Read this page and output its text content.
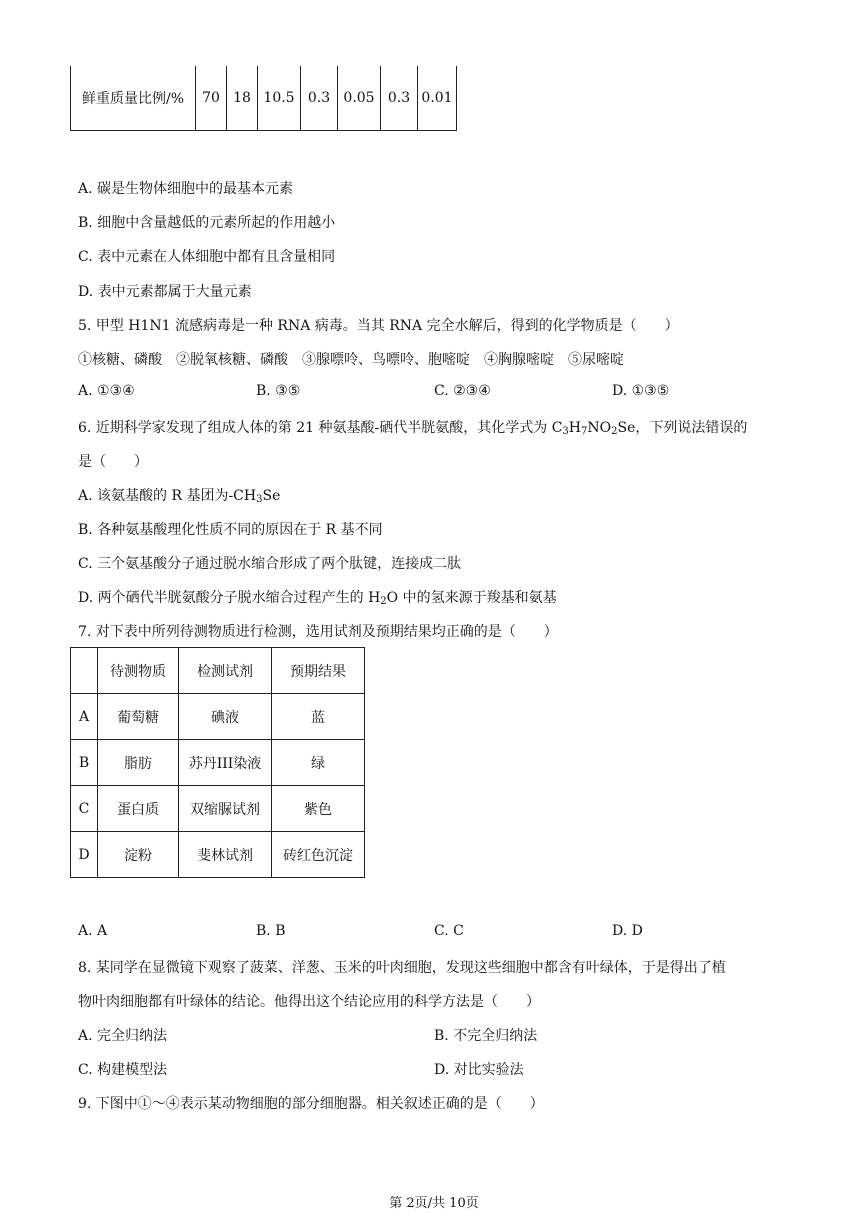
鲜重质量比例/%	70	18	10.5	0.3	0.05	0.3	0.01
A. 碳是生物体细胞中的最基本元素
B. 细胞中含量越低的元素所起的作用越小
C. 表中元素在人体细胞中都有且含量相同
D. 表中元素都属于大量元素
5. 甲型 H1N1 流感病毒是一种 RNA 病毒。当其 RNA 完全水解后，得到的化学物质是（　　）
①核糖、磷酸　②脱氧核糖、磷酸　③腺嘌呤、鸟嘌呤、胞嘧啶　④胸腺嘧啶　⑤尿嘧啶
A. ①③④	B. ③⑤	C. ②③④	D. ①③⑤
6. 近期科学家发现了组成人体的第 21 种氨基酸-硒代半胱氨酸，其化学式为 $C_3H_7NO_2Se$，下列说法错误的
是（　　）
A. 该氨基酸的 R 基团为$-CH_3Se$
B. 各种氨基酸理化性质不同的原因在于 R 基不同
C. 三个氨基酸分子通过脱水缩合形成了两个肽键，连接成二肽
D. 两个硒代半胱氨酸分子脱水缩合过程产生的 $H_2O$ 中的氢来源于羧基和氨基
7. 对下表中所列待测物质进行检测，选用试剂及预期结果均正确的是（　　）
	待测物质	检测试剂	预期结果
A	葡萄糖	碘液	蓝
B	脂肪	苏丹III染液	绿
C	蛋白质	双缩脲试剂	紫色
D	淀粉	斐林试剂	砖红色沉淀
A. A	B. B	C. C	D. D
8. 某同学在显微镜下观察了菠菜、洋葱、玉米的叶肉细胞，发现这些细胞中都含有叶绿体，于是得出了植
物叶肉细胞都有叶绿体的结论。他得出这个结论应用的科学方法是（　　）
A. 完全归纳法	B. 不完全归纳法
C. 构建模型法	D. 对比实验法
9. 下图中①～④表示某动物细胞的部分细胞器。相关叙述正确的是（　　）
第 2页/共 10页
